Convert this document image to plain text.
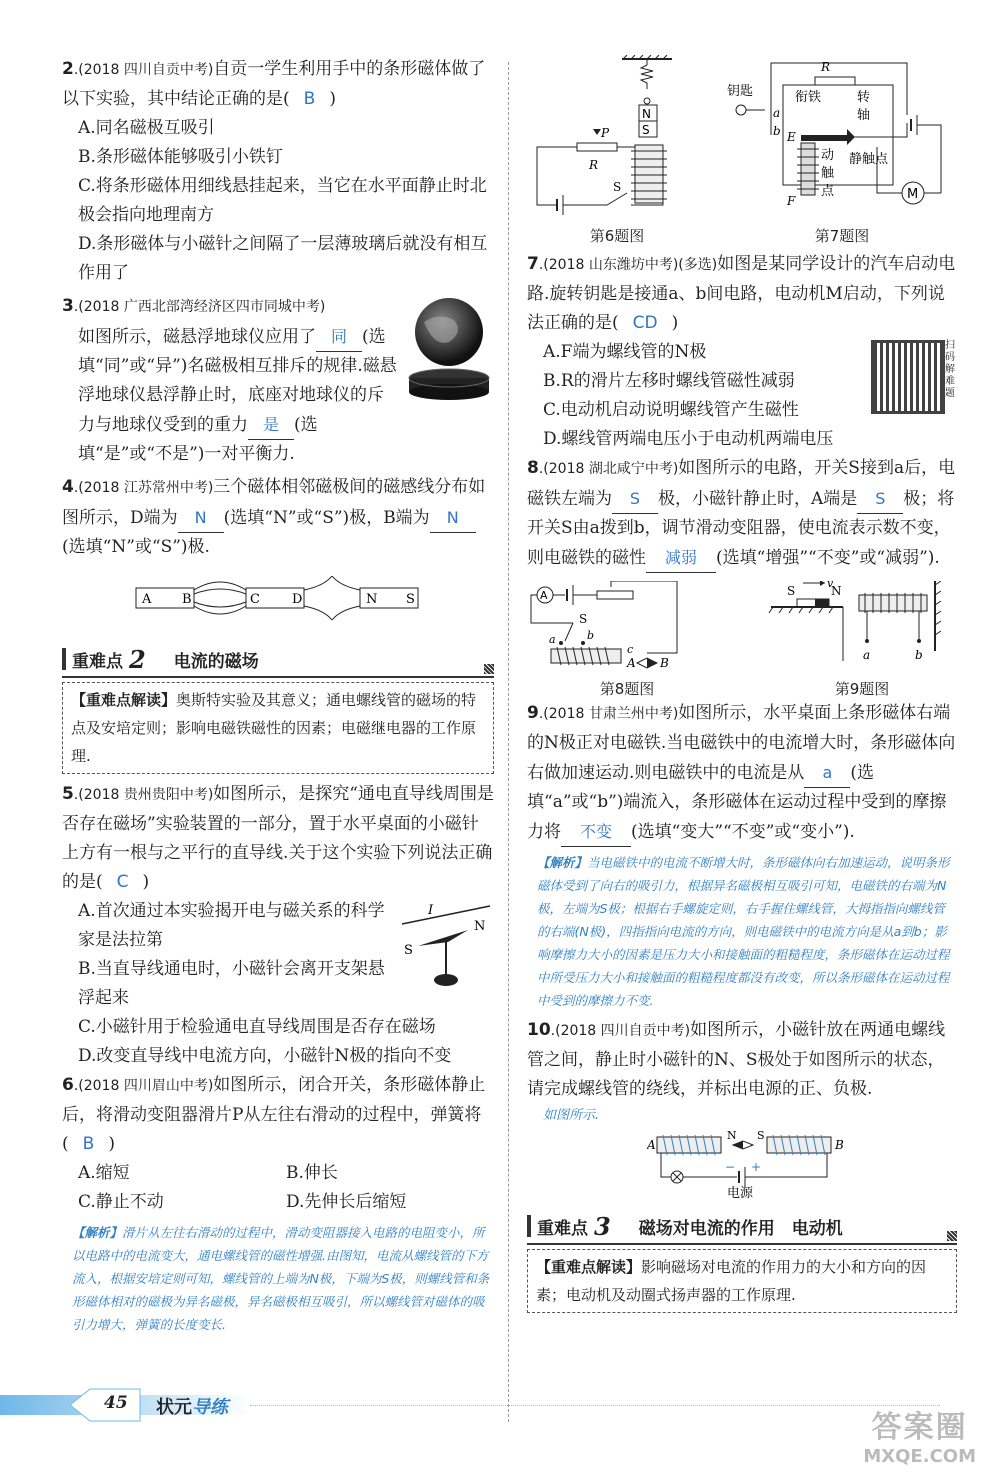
2.(2018 四川自贡中考)自贡一学生利用手中的条形磁体做了以下实验，其中结论正确的是( B )

A.同名磁极互吸引

B.条形磁体能够吸引小铁钉

C.将条形磁体用细线悬挂起来，当它在水平面静止时北极会指向地理南方

D.条形磁体与小磁针之间隔了一层薄玻璃后就没有相互作用了

3.(2018 广西北部湾经济区四市同城中考)

如图所示，磁悬浮地球仪应用了 同 (选填“同”或“异”)名磁极相互排斥的规律.磁悬浮地球仪悬浮静止时，底座对地球仪的斥力与地球仪受到的重力 是 (选填“是”或“不是”)一对平衡力.

4.(2018 江苏常州中考)三个磁体相邻磁极间的磁感线分布如图所示，D端为 N (选填“N”或“S”)极，B端为 N(选填“N”或“S”)极.

A B	C D	N S
重难点 2 电流的磁场
【重难点解读】奥斯特实验及其意义；通电螺线管的磁场的特点及安培定则；影响电磁铁磁性的因素；电磁继电器的工作原理.

5.(2018 贵州贵阳中考)如图所示，是探究“通电直导线周围是否存在磁场”实验装置的一部分，置于水平桌面的小磁针上方有一根与之平行的直导线.关于这个实验下列说法正确的是( C )

I
N
S

A.首次通过本实验揭开电与磁关系的科学家是法拉第

B.当直导线通电时，小磁针会离开支架悬浮起来

C.小磁针用于检验通电直导线周围是否存在磁场

D.改变直导线中电流方向，小磁针N极的指向不变

6.(2018 四川眉山中考)如图所示，闭合开关，条形磁体静止后，将滑动变阻器滑片P从左往右滑动的过程中，弹簧将( B )

A.缩短	B.伸长
C.静止不动	D.先伸长后缩短

【解析】滑片从左往右滑动的过程中，滑动变阻器接入电路的电阻变小，所以电路中的电流变大，通电螺线管的磁性增强.由图知，电流从螺线管的下方流入，根据安培定则可知，螺线管的上端为N极，下端为S极，则螺线管和条形磁体相对的磁极为异名磁极，异名磁极相互吸引，所以螺线管对磁体的吸引力增大，弹簧的长度变长.

N
S
P
R
S
第6题图
R
钥匙
a
b
衔铁	转
轴
E
F
动
触
点
静触点
M
第7题图

7.(2018 山东潍坊中考)(多选)如图是某同学设计的汽车启动电路.旋转钥匙是接通a、b间电路，电动机M启动，下列说法正确的是( CD )

扫码解难题

A.F端为螺线管的N极

B.R的滑片左移时螺线管磁性减弱

C.电动机启动说明螺线管产生磁性

D.螺线管两端电压小于电动机两端电压

8.(2018 湖北咸宁中考)如图所示的电路，开关S接到a后，电磁铁左端为 S 极，小磁针静止时，A端是 S 极；将开关S由a拨到b，调节滑动变阻器，使电流表示数不变，则电磁铁的磁性 减弱 (选填“增强”“不变”或“减弱”).

A
S
a	b
c
A B
第8题图
S	N
v
a	b
第9题图

9.(2018 甘肃兰州中考)如图所示，水平桌面上条形磁体右端的N极正对电磁铁.当电磁铁中的电流增大时，条形磁体向右做加速运动.则电磁铁中的电流是从 a (选填“a”或“b”)端流入，条形磁体在运动过程中受到的摩擦力将 不变 (选填“变大”“不变”或“变小”).

【解析】当电磁铁中的电流不断增大时，条形磁体向右加速运动，说明条形磁体受到了向右的吸引力，根据异名磁极相互吸引可知，电磁铁的右端为N极，左端为S极；根据右手螺旋定则，右手握住螺线管，大拇指指向螺线管的右端(N极)，四指指向电流的方向，则电磁铁中的电流方向是从a到b；影响摩擦力大小的因素是压力大小和接触面的粗糙程度，条形磁体在运动过程中所受压力大小和接触面的粗糙程度都没有改变，所以条形磁体在运动过程中受到的摩擦力不变.

10.(2018 四川自贡中考)如图所示，小磁针放在两通电螺线管之间，静止时小磁针的N、S极处于如图所示的状态，请完成螺线管的绕线，并标出电源的正、负极.

如图所示.

A
N S
B
− +
电源
重难点 3 磁场对电流的作用　电动机
【重难点解读】影响磁场对电流的作用力的大小和方向的因素；电动机及动圈式扬声器的工作原理.
45 状元导练
答案圈
MXQE.COM
